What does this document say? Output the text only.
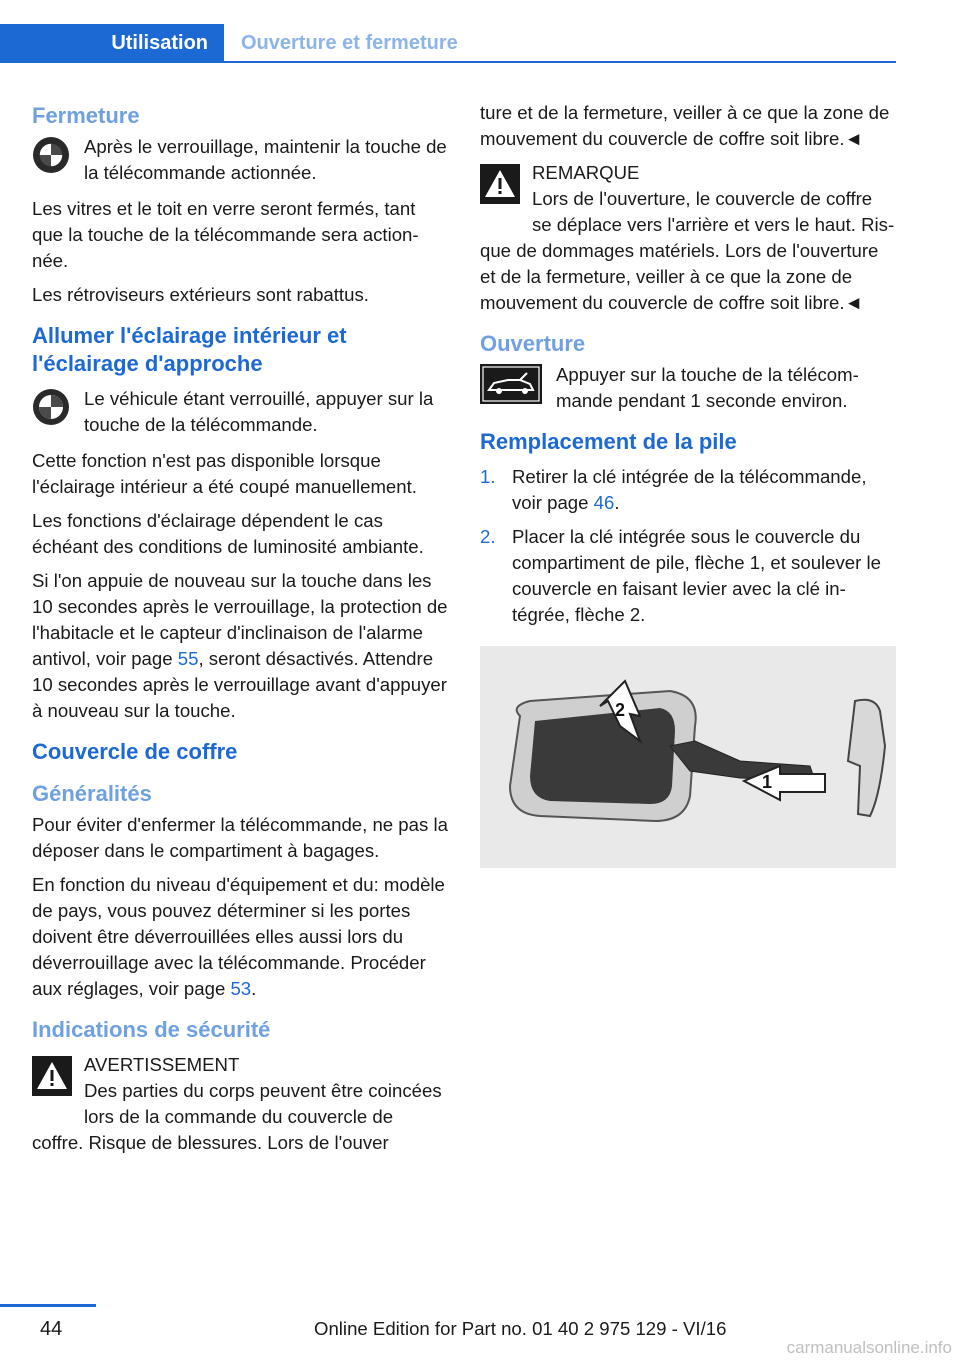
Utilisation	Ouverture et fermeture
Fermeture
Après le verrouillage, maintenir la touche de la télécommande actionnée.

Les vitres et le toit en verre seront fermés, tant que la touche de la télécommande sera actionnée.

Les rétroviseurs extérieurs sont rabattus.

Allumer l'éclairage intérieur et l'éclairage d'approche
Le véhicule étant verrouillé, appuyer sur la touche de la télécommande.

Cette fonction n'est pas disponible lorsque l'éclairage intérieur a été coupé manuellement.

Les fonctions d'éclairage dépendent le cas échéant des conditions de luminosité ambiante.

Si l'on appuie de nouveau sur la touche dans les 10 secondes après le verrouillage, la protection de l'habitacle et le capteur d'inclinaison de l'alarme antivol, voir page 55, seront désactivés. Attendre 10 secondes après le verrouillage avant d'appuyer à nouveau sur la touche.

Couvercle de coffre
Généralités

Pour éviter d'enfermer la télécommande, ne pas la déposer dans le compartiment à bagages.

En fonction du niveau d'équipement et du: modèle de pays, vous pouvez déterminer si les portes doivent être déverrouillées elles aussi lors du déverrouillage avec la télécommande. Procéder aux réglages, voir page 53.

Indications de sécurité
AVERTISSEMENT
Des parties du corps peuvent être coincées lors de la commande du couvercle de coffre. Risque de blessures. Lors de l'ouver

ture et de la fermeture, veiller à ce que la zone de mouvement du couvercle de coffre soit libre.◄

REMARQUE
Lors de l'ouverture, le couvercle de coffre se déplace vers l'arrière et vers le haut. Risque de dommages matériels. Lors de l'ouverture et de la fermeture, veiller à ce que la zone de mouvement du couvercle de coffre soit libre.◄
Ouverture
Appuyer sur la touche de la télécommande pendant 1 seconde environ.
Remplacement de la pile
1. Retirer la clé intégrée de la télécommande, voir page 46.
2. Placer la clé intégrée sous le couvercle du compartiment de pile, flèche 1, et soulever le couvercle en faisant levier avec la clé intégrée, flèche 2.
1
2
44	Online Edition for Part no. 01 40 2 975 129 - VI/16
carmanualsonline.info
